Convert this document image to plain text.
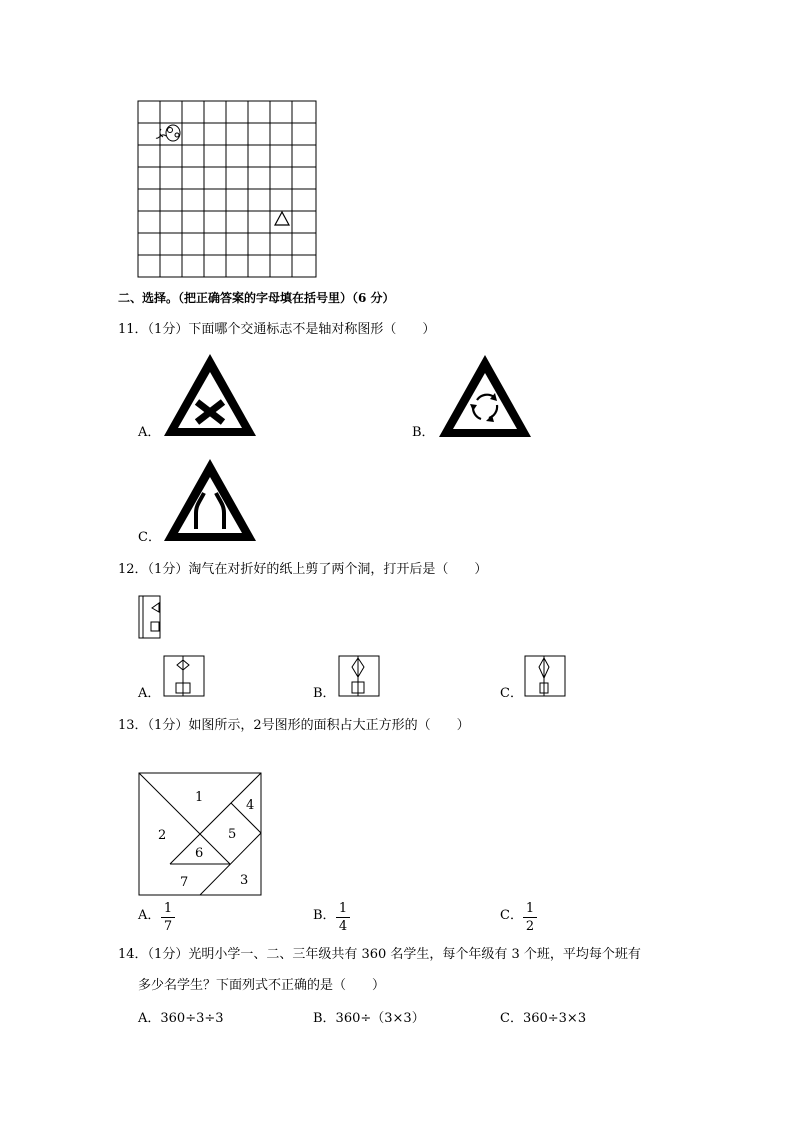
二、选择。（把正确答案的字母填在括号里）（6 分）
11．（1分）下面哪个交通标志不是轴对称图形（　　）
A．	B．
C．
12．（1分）淘气在对折好的纸上剪了两个洞，打开后是（　　）
A．	B．	C．
13．（1分）如图所示，2号图形的面积占大正方形的（　　）
1
2
3
4
5
6
7
A． 1
7
B． 1
4
C． 1
2
14．（1分）光明小学一、二、三年级共有 360 名学生，每个年级有 3 个班，平均每个班有
多少名学生？下面列式不正确的是（　　）
A．360÷3÷3	B．360÷（3×3）	C．360÷3×3
